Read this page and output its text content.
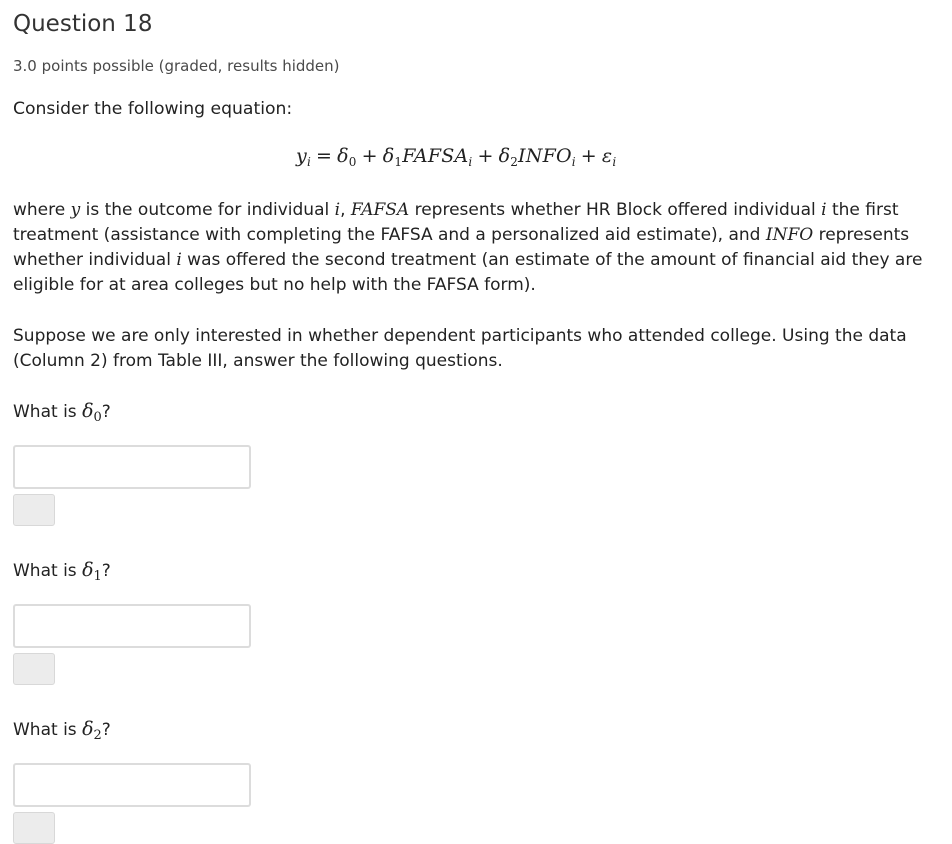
Question 18
3.0 points possible (graded, results hidden)
Consider the following equation:
$y_i = \delta_0$ + $\delta_1FAFSA_i$ + $\delta_2INFO_i + \varepsilon_i$
where y is the outcome for individual i, FAFSA represents whether HR Block offered individual i the first
treatment (assistance with completing the FAFSA and a personalized aid estimate), and INFO represents
whether individual i was offered the second treatment (an estimate of the amount of financial aid they are
eligible for at area colleges but no help with the FAFSA form).
Suppose we are only interested in whether dependent participants who attended college. Using the data
(Column 2) from Table III, answer the following questions.
What is $\delta_0$?
What is $\delta_1$?
What is $\delta_2$?
